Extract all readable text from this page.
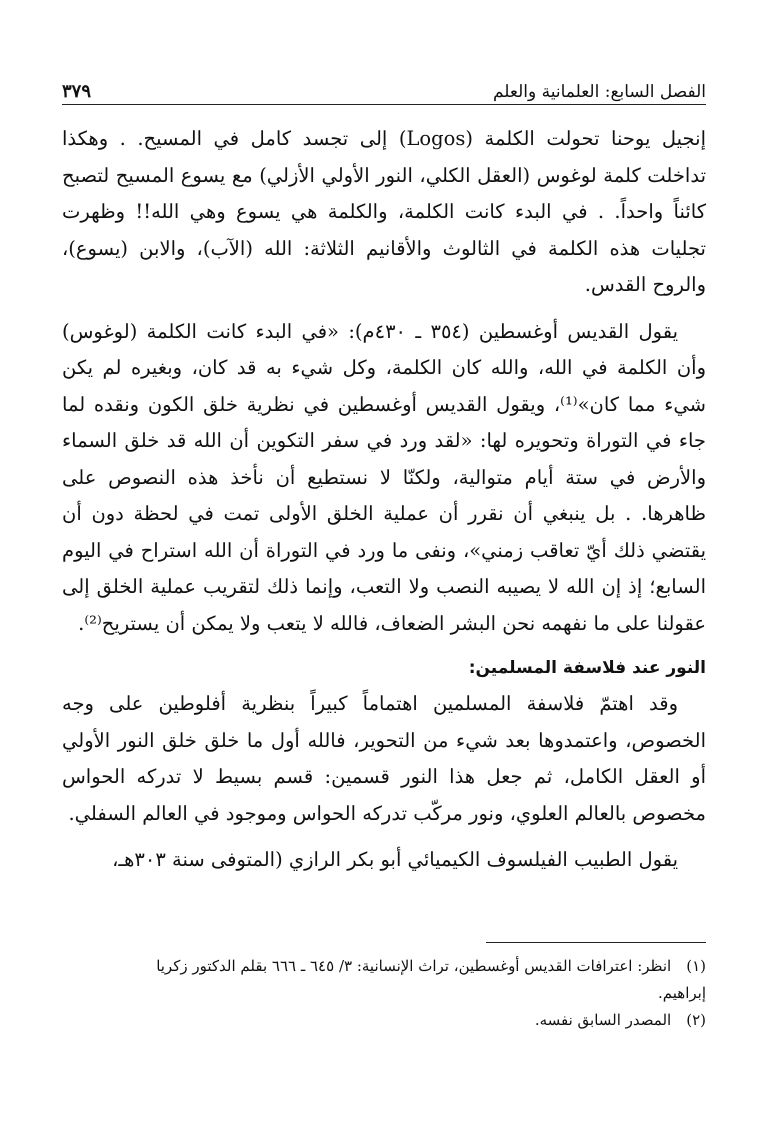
الفصل السابع: العلمانية والعلم
٣٧٩

إنجيل يوحنا تحولت الكلمة (Logos) إلى تجسد كامل في المسيح. . وهكذا تداخلت كلمة لوغوس (العقل الكلي، النور الأولي الأزلي) مع يسوع المسيح لتصبح كائناً واحداً. . في البدء كانت الكلمة، والكلمة هي يسوع وهي الله!! وظهرت تجليات هذه الكلمة في الثالوث والأقانيم الثلاثة: الله (الآب)، والابن (يسوع)، والروح القدس.

يقول القديس أوغسطين (٣٥٤ ـ ٤٣٠م): «في البدء كانت الكلمة (لوغوس) وأن الكلمة في الله، والله كان الكلمة، وكل شيء به قد كان، وبغيره لم يكن شيء مما كان»⁽¹⁾، ويقول القديس أوغسطين في نظرية خلق الكون ونقده لما جاء في التوراة وتحويره لها: «لقد ورد في سفر التكوين أن الله قد خلق السماء والأرض في ستة أيام متوالية، ولكنّا لا نستطيع أن نأخذ هذه النصوص على ظاهرها. . بل ينبغي أن نقرر أن عملية الخلق الأولى تمت في لحظة دون أن يقتضي ذلك أيّ تعاقب زمني»، ونفى ما ورد في التوراة أن الله استراح في اليوم السابع؛ إذ إن الله لا يصيبه النصب ولا التعب، وإنما ذلك لتقريب عملية الخلق إلى عقولنا على ما نفهمه نحن البشر الضعاف، فالله لا يتعب ولا يمكن أن يستريح⁽²⁾.

النور عند فلاسفة المسلمين:

وقد اهتمّ فلاسفة المسلمين اهتماماً كبيراً بنظرية أفلوطين على وجه الخصوص، واعتمدوها بعد شيء من التحوير، فالله أول ما خلق خلق النور الأولي أو العقل الكامل، ثم جعل هذا النور قسمين: قسم بسيط لا تدركه الحواس مخصوص بالعالم العلوي، ونور مركّب تدركه الحواس وموجود في العالم السفلي.

يقول الطبيب الفيلسوف الكيميائي أبو بكر الرازي (المتوفى سنة ٣٠٣هـ،

(١) انظر: اعترافات القديس أوغسطين، تراث الإنسانية: ٣/ ٦٤٥ ـ ٦٦٦ بقلم الدكتور زكريا

إبراهيم.

(٢) المصدر السابق نفسه.
